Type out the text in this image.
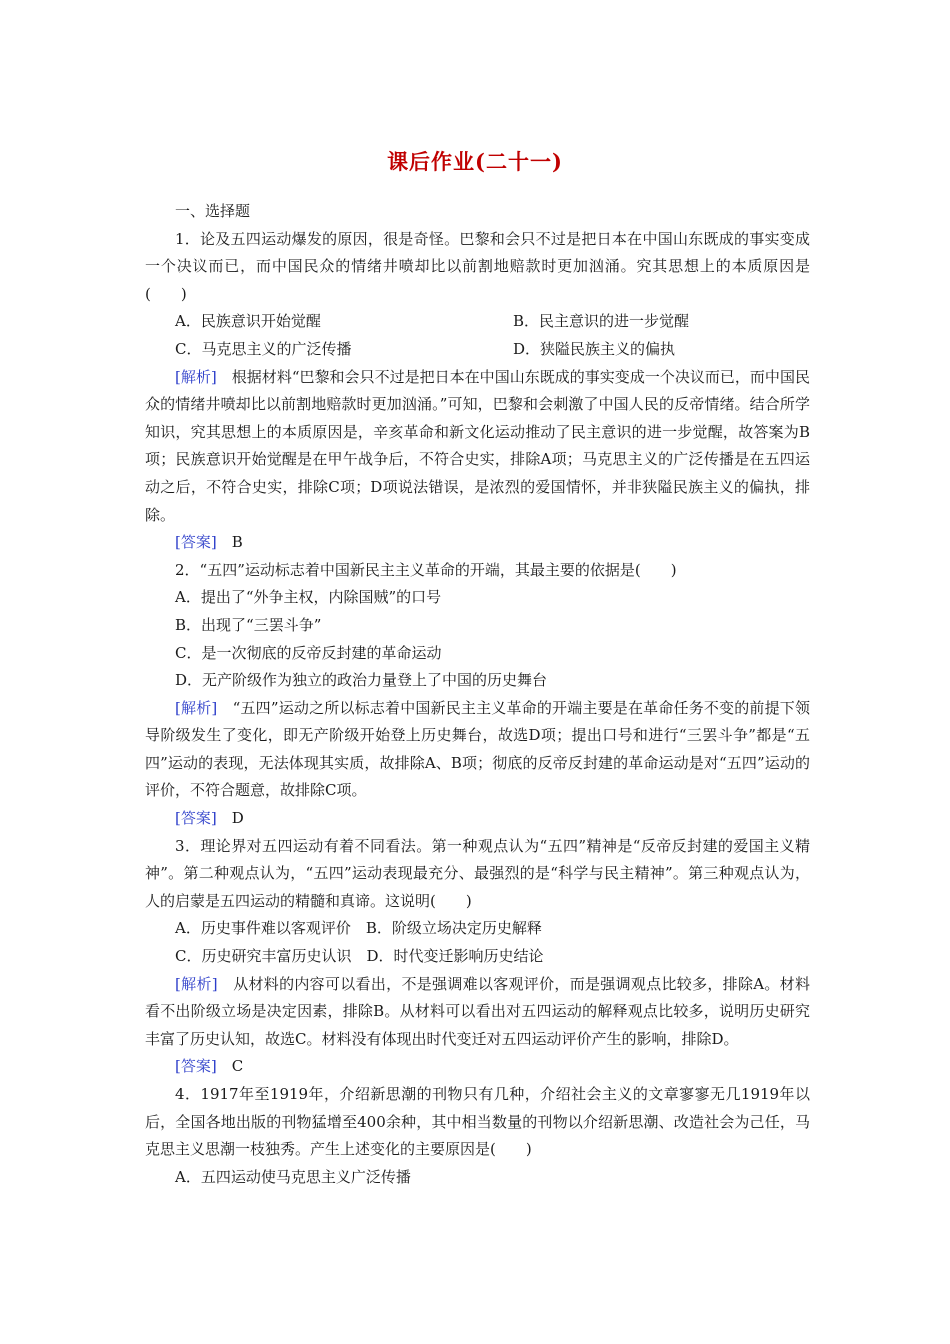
课后作业(二十一)

一、选择题

1．论及五四运动爆发的原因，很是奇怪。巴黎和会只不过是把日本在中国山东既成的事实变成一个决议而已，而中国民众的情绪井喷却比以前割地赔款时更加汹涌。究其思想上的本质原因是(　　)

A．民族意识开始觉醒	B．民主意识的进一步觉醒
C．马克思主义的广泛传播	D．狭隘民族主义的偏执

[解析]　 根据材料“巴黎和会只不过是把日本在中国山东既成的事实变成一个决议而已，而中国民众的情绪井喷却比以前割地赔款时更加汹涌。”可知，巴黎和会刺激了中国人民的反帝情绪。结合所学知识，究其思想上的本质原因是，辛亥革命和新文化运动推动了民主意识的进一步觉醒，故答案为B项；民族意识开始觉醒是在甲午战争后，不符合史实，排除A项；马克思主义的广泛传播是在五四运动之后，不符合史实，排除C项；D项说法错误，是浓烈的爱国情怀，并非狭隘民族主义的偏执，排除。

[答案]　 B

2．“五四”运动标志着中国新民主主义革命的开端，其最主要的依据是(　　)

A．提出了“外争主权，内除国贼”的口号

B．出现了“三罢斗争”

C．是一次彻底的反帝反封建的革命运动

D．无产阶级作为独立的政治力量登上了中国的历史舞台

[解析]　 “五四”运动之所以标志着中国新民主主义革命的开端主要是在革命任务不变的前提下领导阶级发生了变化，即无产阶级开始登上历史舞台，故选D项；提出口号和进行“三罢斗争”都是“五四”运动的表现，无法体现其实质，故排除A、B项；彻底的反帝反封建的革命运动是对“五四”运动的评价，不符合题意，故排除C项。

[答案]　 D

3．理论界对五四运动有着不同看法。第一种观点认为“五四”精神是“反帝反封建的爱国主义精神”。第二种观点认为，“五四”运动表现最充分、最强烈的是“科学与民主精神”。第三种观点认为，人的启蒙是五四运动的精髓和真谛。这说明(　　)

A．历史事件难以客观评价　B．阶级立场决定历史解释

C．历史研究丰富历史认识　D．时代变迁影响历史结论

[解析]　 从材料的内容可以看出，不是强调难以客观评价，而是强调观点比较多，排除A。材料看不出阶级立场是决定因素，排除B。从材料可以看出对五四运动的解释观点比较多，说明历史研究丰富了历史认知，故选C。材料没有体现出时代变迁对五四运动评价产生的影响，排除D。

[答案]　 C

4．1917年至1919年，介绍新思潮的刊物只有几种，介绍社会主义的文章寥寥无几1919年以后，全国各地出版的刊物猛增至400余种，其中相当数量的刊物以介绍新思潮、改造社会为己任，马克思主义思潮一枝独秀。产生上述变化的主要原因是(　　)

A．五四运动使马克思主义广泛传播
